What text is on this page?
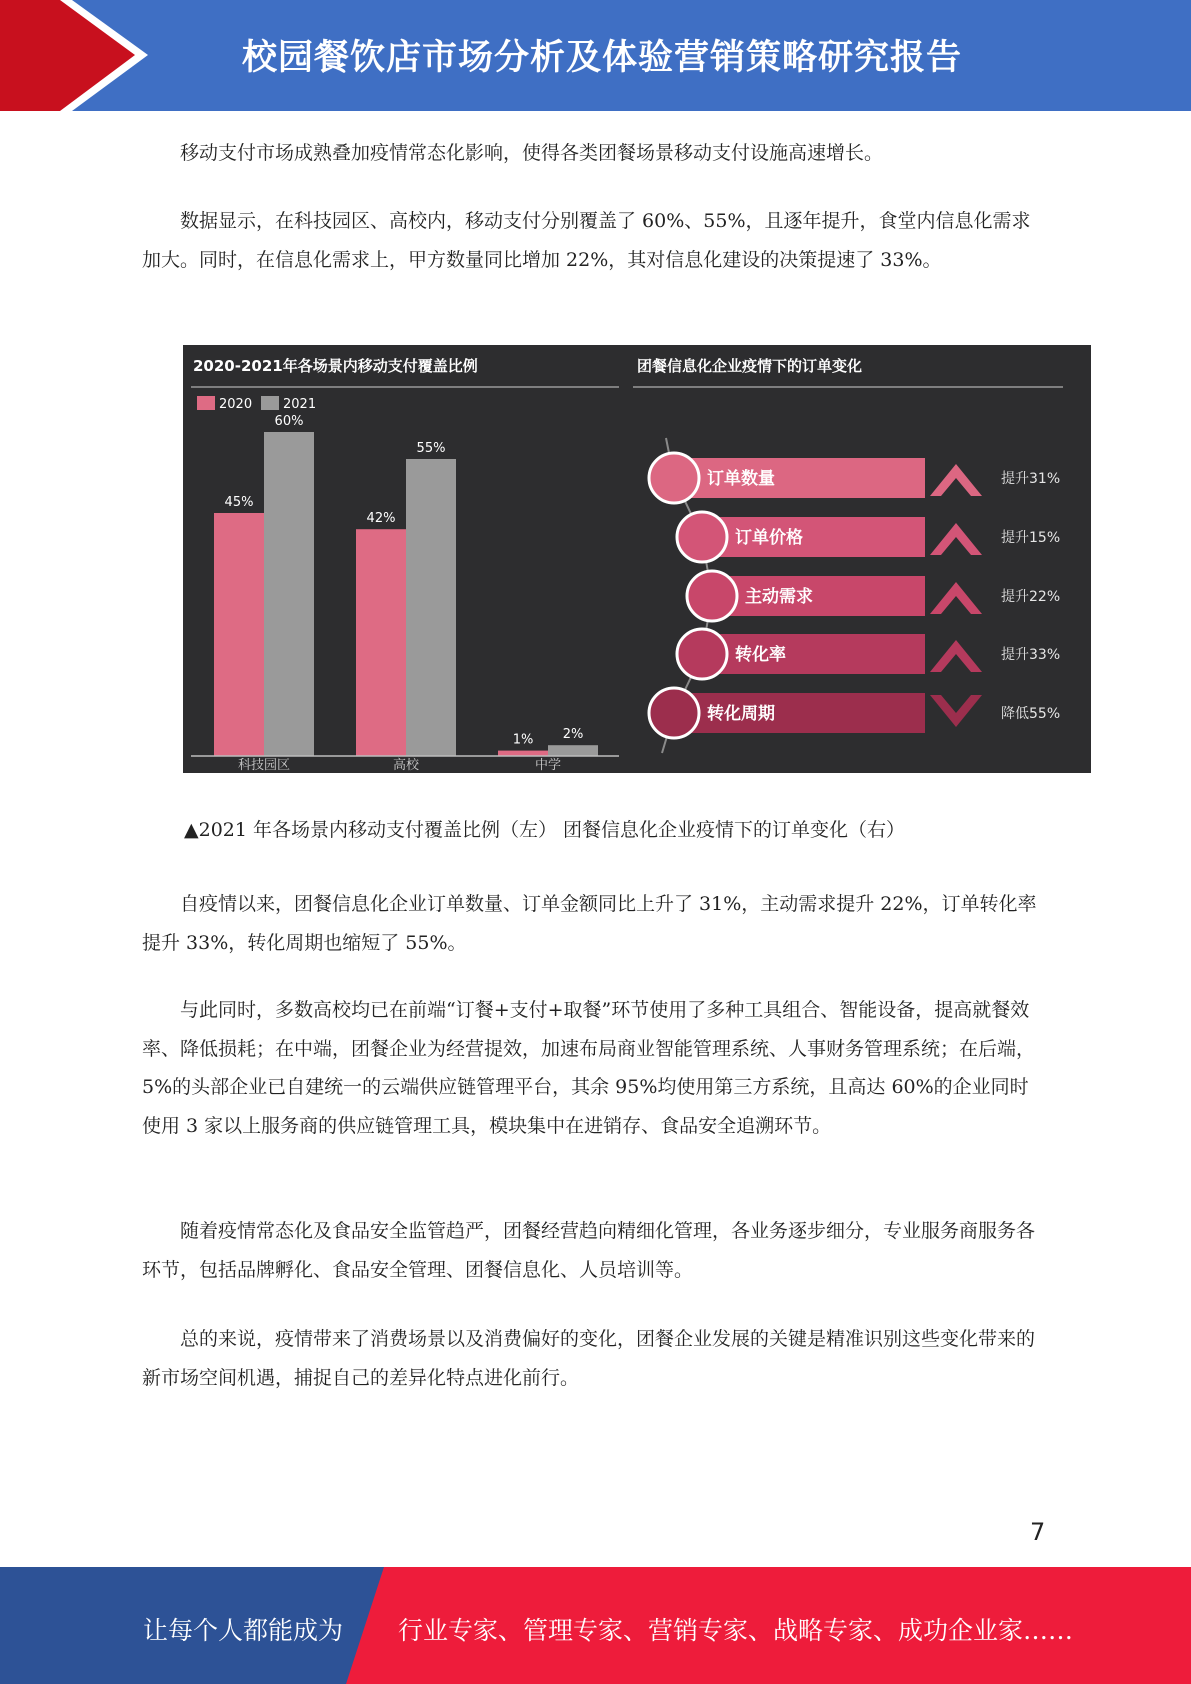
校园餐饮店市场分析及体验营销策略研究报告

移动支付市场成熟叠加疫情常态化影响，使得各类团餐场景移动支付设施高速增长。

数据显示，在科技园区、高校内，移动支付分别覆盖了 60%、55%，且逐年提升，食堂内信息化需求加大。同时，在信息化需求上，甲方数量同比增加 22%，其对信息化建设的决策提速了 33%。

2020-2021年各场景内移动支付覆盖比例
2020 2021
45%
60%
科技园区
42%
55%
高校
1% 2%
中学
团餐信息化企业疫情下的订单变化
订单数量	提升31%
订单价格	提升15%
主动需求	提升22%
转化率	提升33%
转化周期	降低55%

▲2021 年各场景内移动支付覆盖比例（左） 团餐信息化企业疫情下的订单变化（右）

自疫情以来，团餐信息化企业订单数量、订单金额同比上升了 31%，主动需求提升 22%，订单转化率提升 33%，转化周期也缩短了 55%。

与此同时，多数高校均已在前端“订餐+支付+取餐”环节使用了多种工具组合、智能设备，提高就餐效率、降低损耗；在中端，团餐企业为经营提效，加速布局商业智能管理系统、人事财务管理系统；在后端，5%的头部企业已自建统一的云端供应链管理平台，其余 95%均使用第三方系统，且高达 60%的企业同时使用 3 家以上服务商的供应链管理工具，模块集中在进销存、食品安全追溯环节。

随着疫情常态化及食品安全监管趋严，团餐经营趋向精细化管理，各业务逐步细分，专业服务商服务各环节，包括品牌孵化、食品安全管理、团餐信息化、人员培训等。

总的来说，疫情带来了消费场景以及消费偏好的变化，团餐企业发展的关键是精准识别这些变化带来的新市场空间机遇，捕捉自己的差异化特点进化前行。

7
让每个人都能成为 行业专家、管理专家、营销专家、战略专家、成功企业家……
